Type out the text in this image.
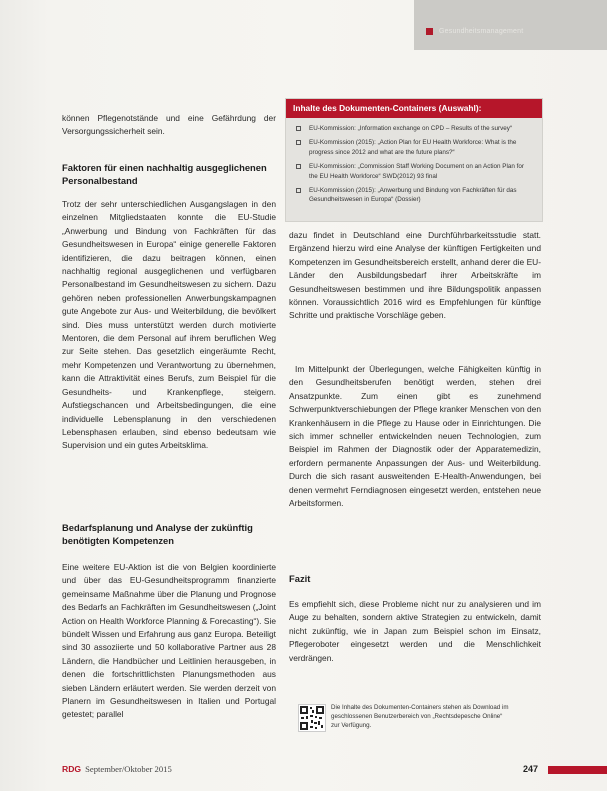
Gesundheitsmanagement

können Pflegenotstände und eine Gefährdung der Versorgungssicherheit sein.

Faktoren für einen nachhaltig ausgeglichenen Personalbestand

Trotz der sehr unterschiedlichen Ausgangslagen in den einzelnen Mitgliedstaaten konnte die EU-Studie „Anwerbung und Bindung von Fachkräften für das Gesundheitswesen in Europa“ einige generelle Faktoren identifizieren, die dazu beitragen können, einen nachhaltig regional ausgeglichenen und verfügbaren Personalbestand im Gesundheitswesen zu sichern. Dazu gehören neben professionellen Anwerbungskampagnen gute Angebote zur Aus- und Weiterbildung, die bevölkert sind. Dies muss unterstützt werden durch motivierte Mentoren, die dem Personal auf ihrem beruflichen Weg zur Seite stehen. Das gesetzlich eingeräumte Recht, mehr Kompetenzen und Verantwortung zu übernehmen, kann die Attraktivität eines Berufs, zum Beispiel für die Gesundheits- und Krankenpflege, steigern. Aufstiegschancen und Arbeitsbedingungen, die eine individuelle Lebensplanung in den verschiedenen Lebensphasen erlauben, sind ebenso bedeutsam wie Supervision und ein gutes Arbeitsklima.

Bedarfsplanung und Analyse der zukünftig benötigten Kompetenzen

Eine weitere EU-Aktion ist die von Belgien koordinierte und über das EU-Gesundheitsprogramm finanzierte gemeinsame Maßnahme über die Planung und Prognose des Bedarfs an Fachkräften im Gesundheitswesen („Joint Action on Health Workforce Planning & Forecasting“). Sie bündelt Wissen und Erfahrung aus ganz Europa. Beteiligt sind 30 assoziierte und 50 kollaborative Partner aus 28 Ländern, die Handbücher und Leitlinien herausgeben, in denen die fortschrittlichsten Planungsmethoden aus sieben Ländern erläutert werden. Sie werden derzeit von Planern im Gesundheitswesen in Italien und Portugal getestet; parallel

Inhalte des Dokumenten-Containers (Auswahl):
EU-Kommission: „Information exchange on CPD – Results of the survey“
EU-Kommission (2015): „Action Plan for EU Health Workforce: What is the progress since 2012 and what are the future plans?“
EU-Kommission: „Commission Staff Working Document on an Action Plan for the EU Health Workforce“ SWD(2012) 93 final
EU-Kommission (2015): „Anwerbung und Bindung von Fachkräften für das Gesundheitswesen in Europa“ (Dossier)

dazu findet in Deutschland eine Durchführbarkeitsstudie statt. Ergänzend hierzu wird eine Analyse der künftigen Fertigkeiten und Kompetenzen im Gesundheitsbereich erstellt, anhand derer die EU-Länder den Ausbildungsbedarf ihrer Arbeitskräfte im Gesundheitswesen bestimmen und ihre Bildungspolitik anpassen können. Voraussichtlich 2016 wird es Empfehlungen für künftige Schritte und praktische Vorschläge geben.

Im Mittelpunkt der Überlegungen, welche Fähigkeiten künftig in den Gesundheitsberufen benötigt werden, stehen drei Ansatzpunkte. Zum einen gibt es zunehmend Schwerpunktverschiebungen der Pflege kranker Menschen von den Krankenhäusern in die Pflege zu Hause oder in Einrichtungen. Die sich immer schneller entwickelnden neuen Technologien, zum Beispiel im Rahmen der Diagnostik oder der Apparatemedizin, erfordern permanente Anpassungen der Aus- und Weiterbildung. Durch die sich rasant ausweitenden E-Health-Anwendungen, bei denen vermehrt Ferndiagnosen eingesetzt werden, entstehen neue Arbeitsformen.

Fazit

Es empfiehlt sich, diese Probleme nicht nur zu analysieren und im Auge zu behalten, sondern aktive Strategien zu entwickeln, damit nicht zukünftig, wie in Japan zum Beispiel schon im Einsatz, Pflegeroboter eingesetzt werden und die Menschlichkeit verdrängen.

Die Inhalte des Dokumenten-Containers stehen als Download im geschlossenen Benutzerbereich von „Rechtsdepesche Online“ zur Verfügung.
RDG September/Oktober 2015	247
